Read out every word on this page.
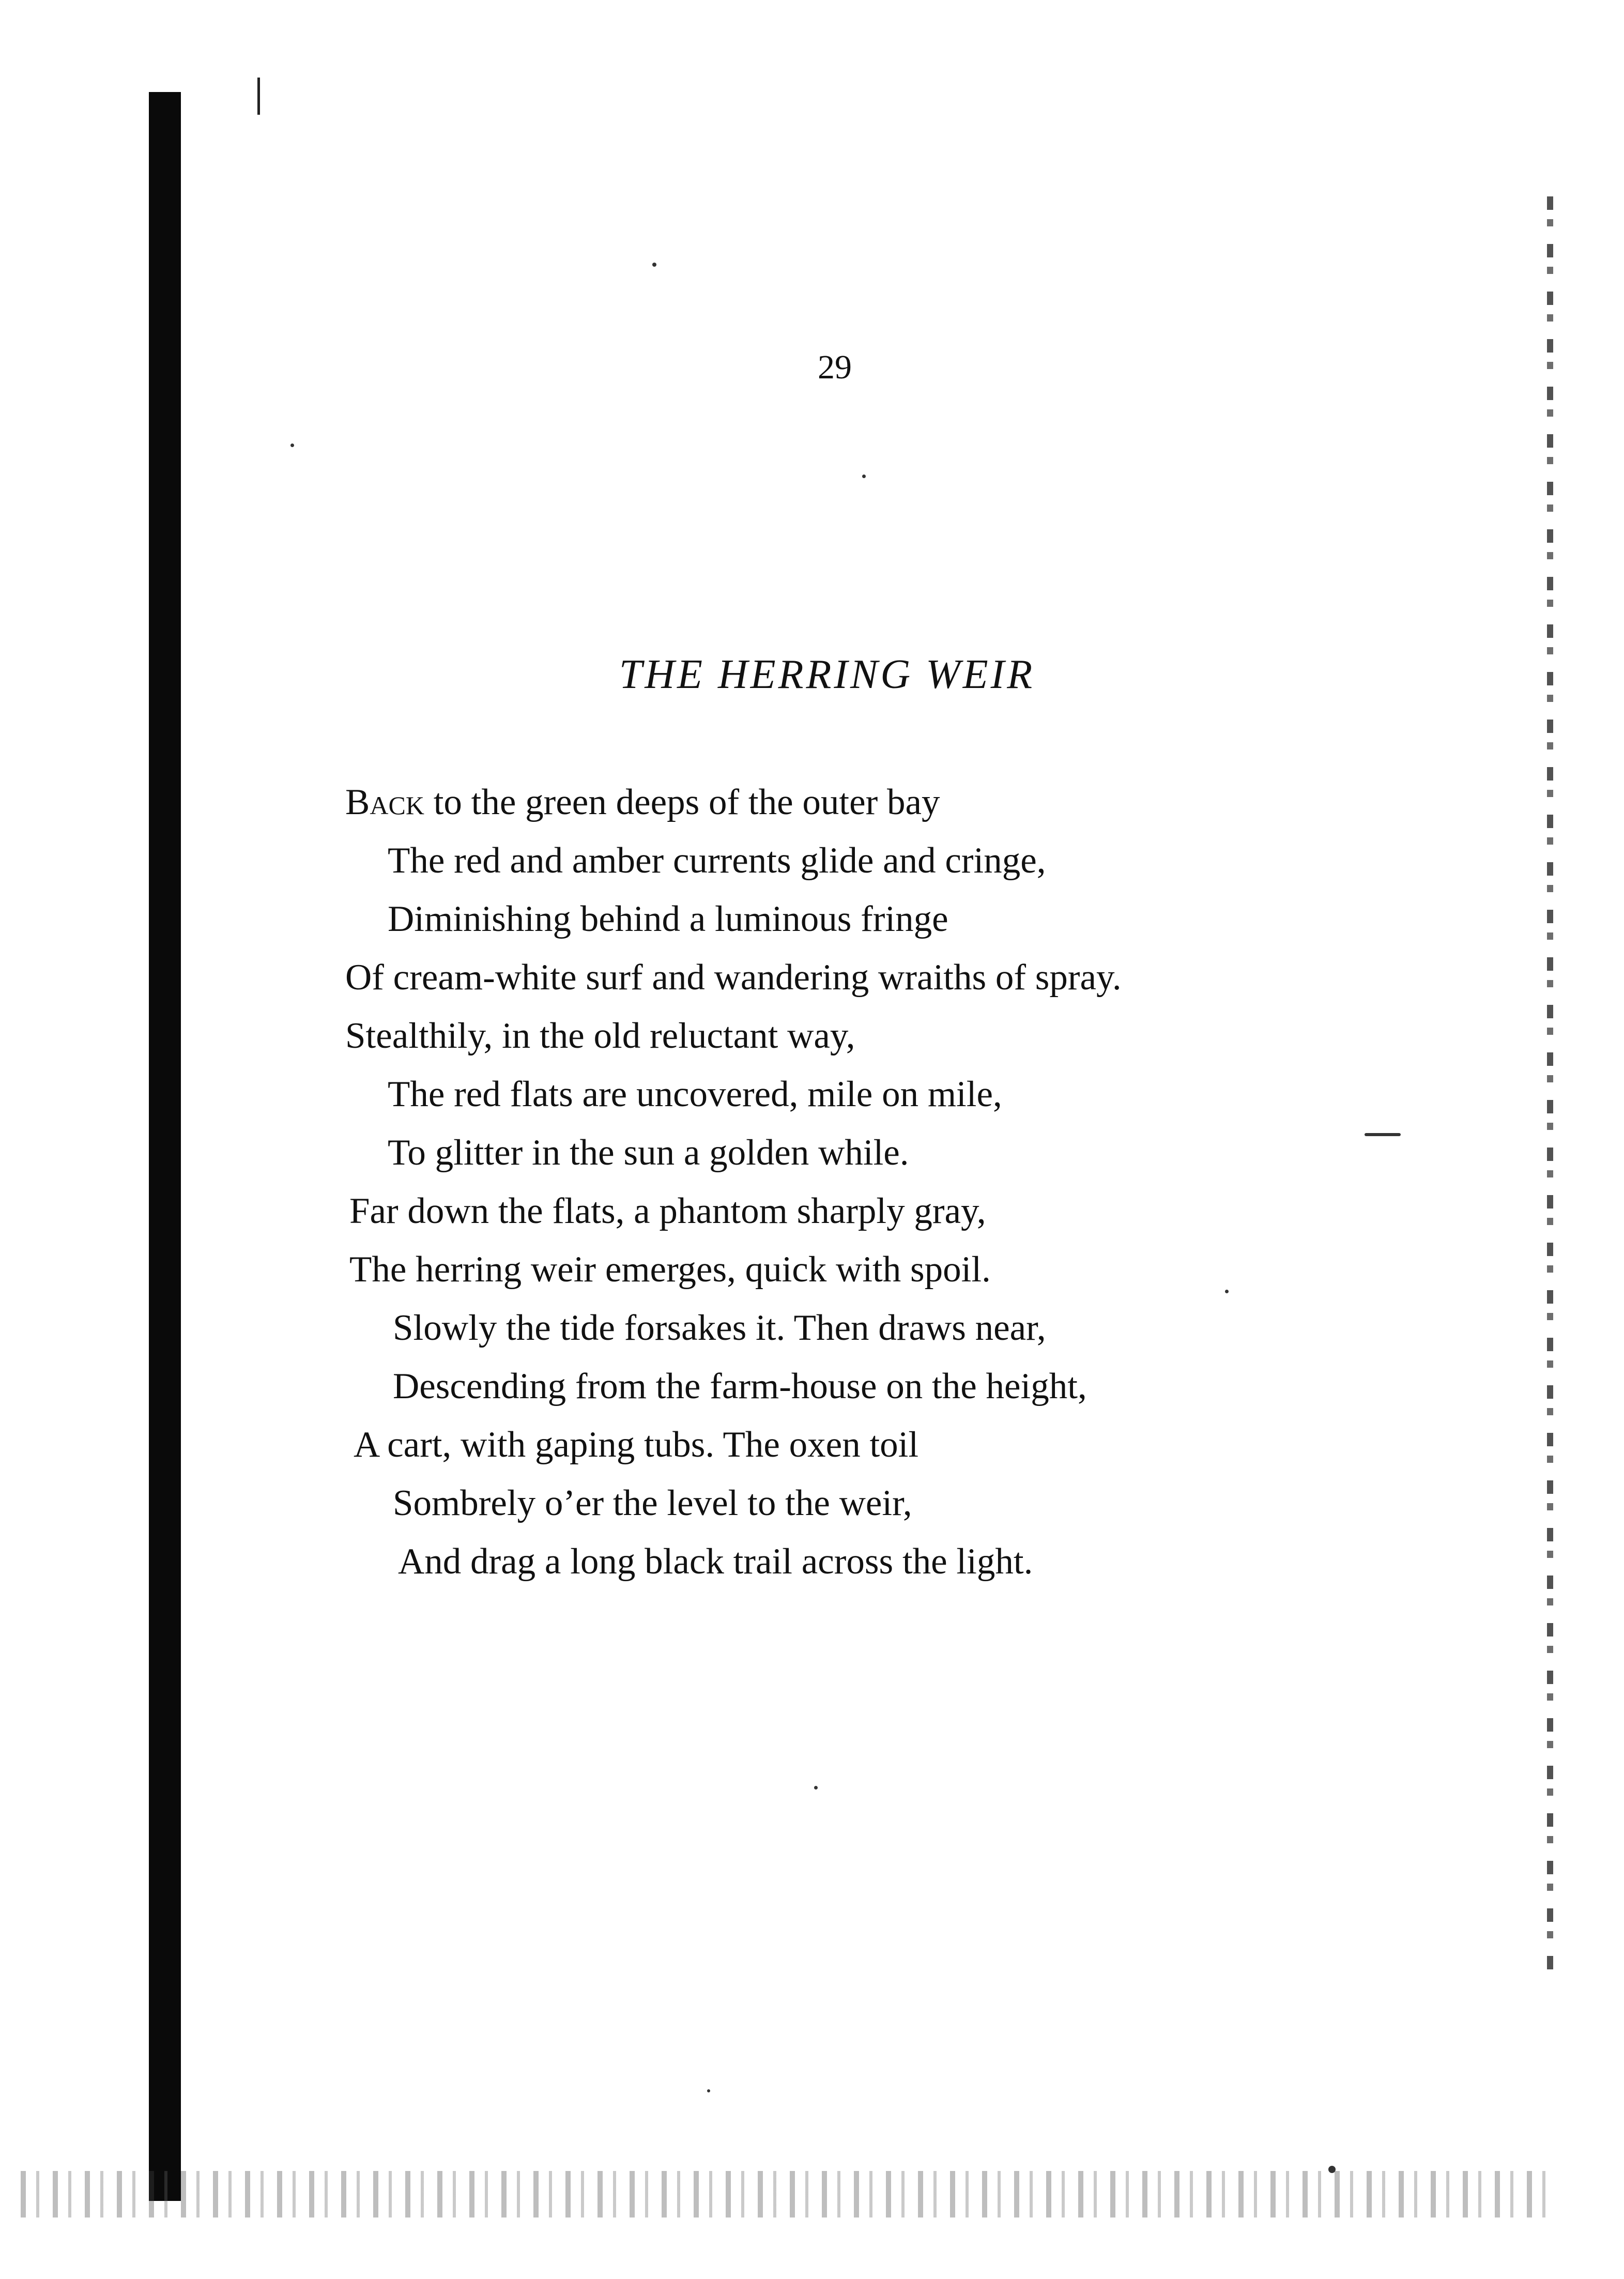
29
THE HERRING WEIR
Back to the green deeps of the outer bay
The red and amber currents glide and cringe,
Diminishing behind a luminous fringe
Of cream-white surf and wandering wraiths of spray.
Stealthily, in the old reluctant way,
The red flats are uncovered, mile on mile,
To glitter in the sun a golden while.
Far down the flats, a phantom sharply gray,
The herring weir emerges, quick with spoil.
Slowly the tide forsakes it. Then draws near,
Descending from the farm-house on the height,
A cart, with gaping tubs. The oxen toil
Sombrely o’er the level to the weir,
And drag a long black trail across the light.
